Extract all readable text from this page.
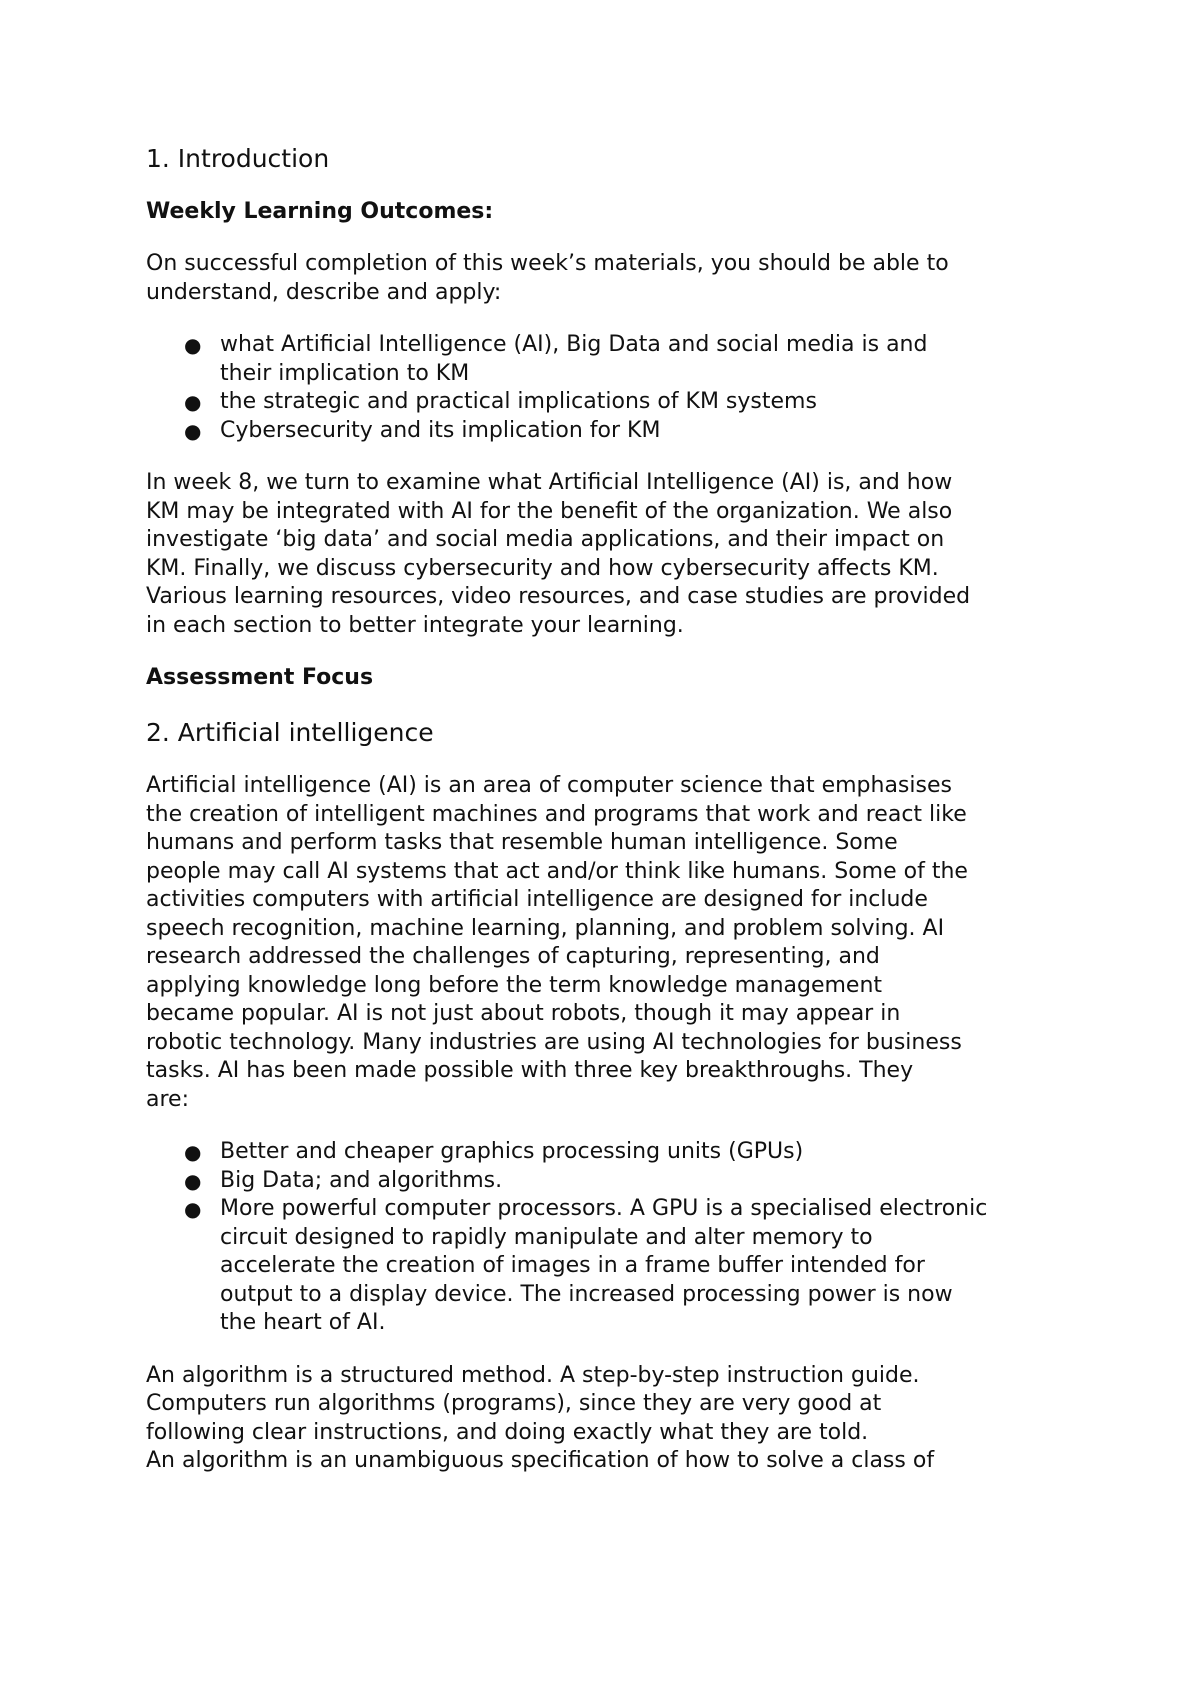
1. Introduction
Weekly Learning Outcomes:
On successful completion of this week’s materials, you should be able to
understand, describe and apply:
● what Artificial Intelligence (AI), Big Data and social media is and
their implication to KM
● the strategic and practical implications of KM systems
● Cybersecurity and its implication for KM
In week 8, we turn to examine what Artificial Intelligence (AI) is, and how
KM may be integrated with AI for the benefit of the organization. We also
investigate ‘big data’ and social media applications, and their impact on
KM. Finally, we discuss cybersecurity and how cybersecurity affects KM.
Various learning resources, video resources, and case studies are provided
in each section to better integrate your learning.
Assessment Focus
2. Artificial intelligence
Artificial intelligence (AI) is an area of computer science that emphasises
the creation of intelligent machines and programs that work and react like
humans and perform tasks that resemble human intelligence. Some
people may call AI systems that act and/or think like humans. Some of the
activities computers with artificial intelligence are designed for include
speech recognition, machine learning, planning, and problem solving. AI
research addressed the challenges of capturing, representing, and
applying knowledge long before the term knowledge management
became popular. AI is not just about robots, though it may appear in
robotic technology. Many industries are using AI technologies for business
tasks. AI has been made possible with three key breakthroughs. They
are:
● Better and cheaper graphics processing units (GPUs)
● Big Data; and algorithms.
● More powerful computer processors. A GPU is a specialised electronic
circuit designed to rapidly manipulate and alter memory to
accelerate the creation of images in a frame buffer intended for
output to a display device. The increased processing power is now
the heart of AI.
An algorithm is a structured method. A step-by-step instruction guide.
Computers run algorithms (programs), since they are very good at
following clear instructions, and doing exactly what they are told.
An algorithm is an unambiguous specification of how to solve a class of
